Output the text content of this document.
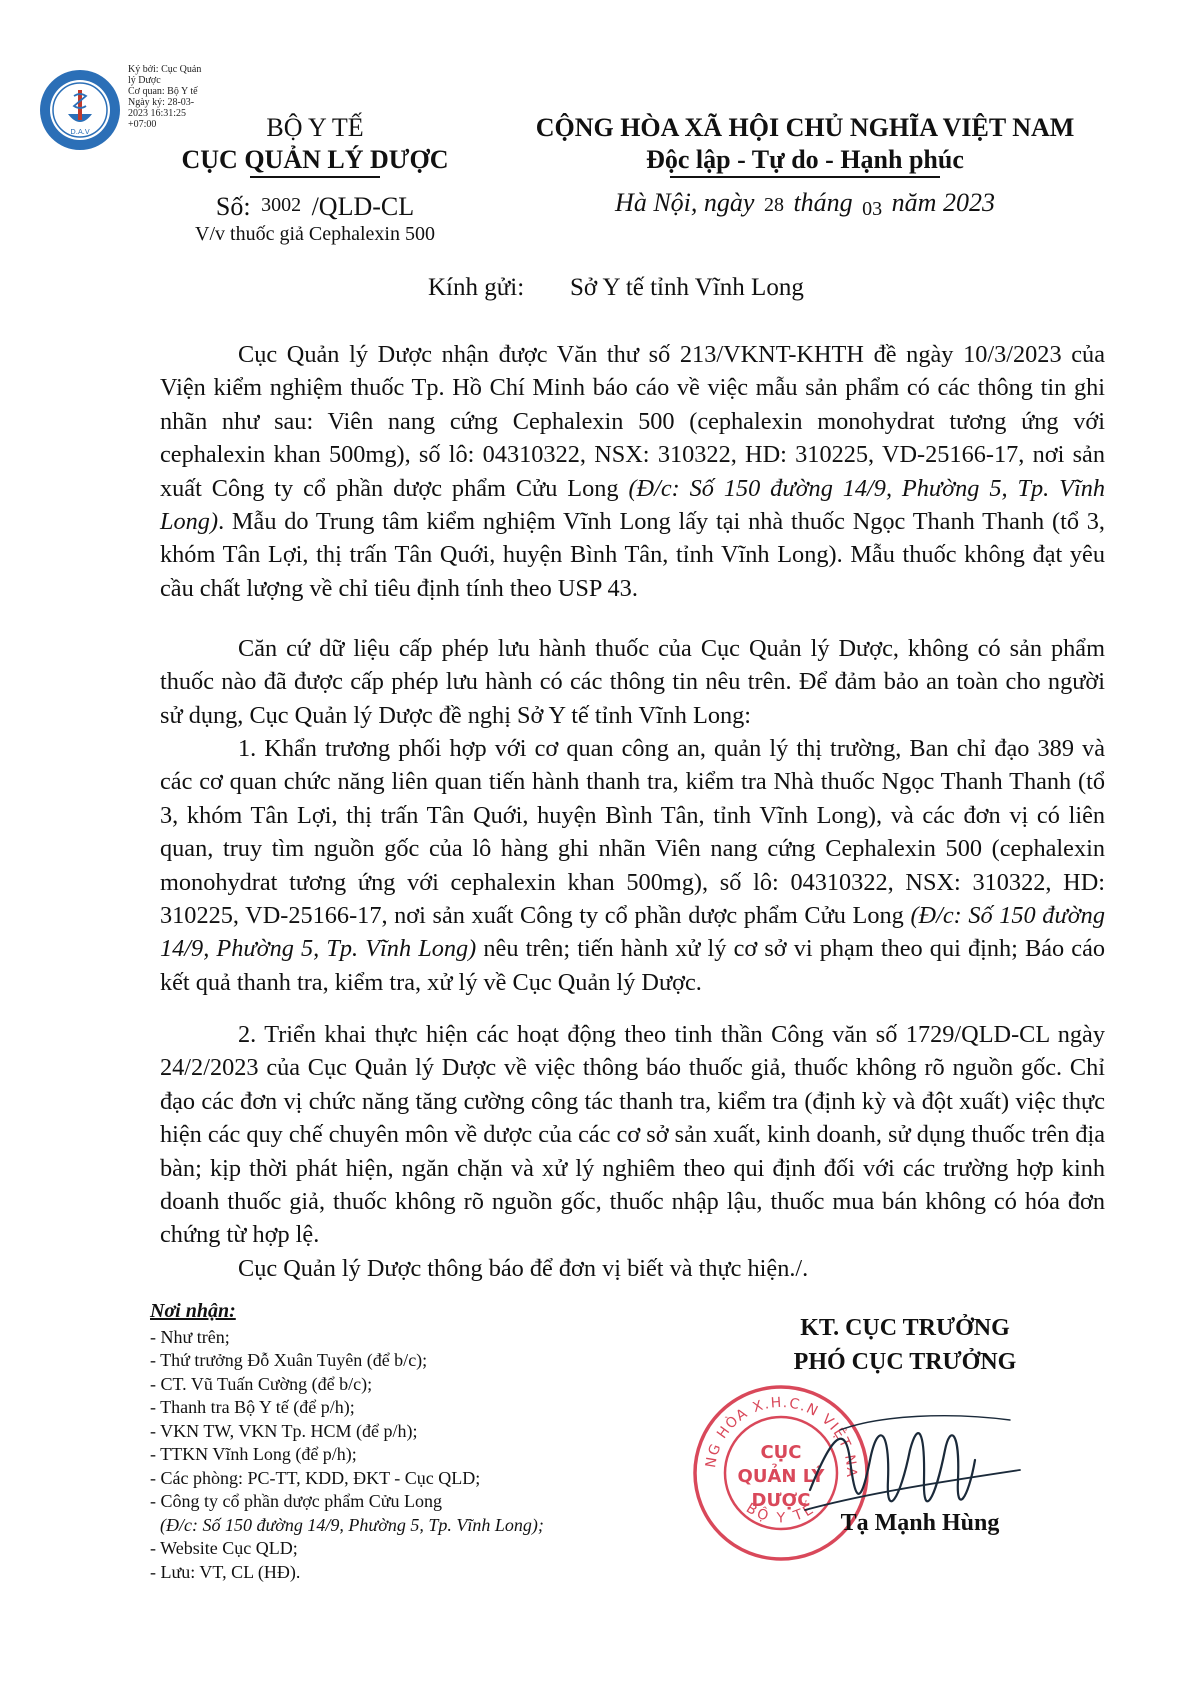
D.A.V
Ký bởi: Cục Quản
lý Dược
Cơ quan: Bộ Y tế
Ngày ký: 28-03-
2023 16:31:25
+07:00	BỘ Y TẾ
CỤC QUẢN LÝ DƯỢC
Số: 3002 /QLD-CL
V/v thuốc giả Cephalexin 500
CỘNG HÒA XÃ HỘI CHỦ NGHĨA VIỆT NAM
Độc lập - Tự do - Hạnh phúc
Hà Nội, ngày 28 tháng 03 năm 2023
Kính gửi: Sở Y tế tỉnh Vĩnh Long
Cục Quản lý Dược nhận được Văn thư số 213/VKNT-KHTH đề ngày 10/3/2023 của Viện kiểm nghiệm thuốc Tp. Hồ Chí Minh báo cáo về việc mẫu sản phẩm có các thông tin ghi nhãn như sau: Viên nang cứng Cephalexin 500 (cephalexin monohydrat tương ứng với cephalexin khan 500mg), số lô: 04310322, NSX: 310322, HD: 310225, VD-25166-17, nơi sản xuất Công ty cổ phần dược phẩm Cửu Long (Đ/c: Số 150 đường 14/9, Phường 5, Tp. Vĩnh Long). Mẫu do Trung tâm kiểm nghiệm Vĩnh Long lấy tại nhà thuốc Ngọc Thanh Thanh (tổ 3, khóm Tân Lợi, thị trấn Tân Quới, huyện Bình Tân, tỉnh Vĩnh Long). Mẫu thuốc không đạt yêu cầu chất lượng về chỉ tiêu định tính theo USP 43.
Căn cứ dữ liệu cấp phép lưu hành thuốc của Cục Quản lý Dược, không có sản phẩm thuốc nào đã được cấp phép lưu hành có các thông tin nêu trên. Để đảm bảo an toàn cho người sử dụng, Cục Quản lý Dược đề nghị Sở Y tế tỉnh Vĩnh Long:
1. Khẩn trương phối hợp với cơ quan công an, quản lý thị trường, Ban chỉ đạo 389 và các cơ quan chức năng liên quan tiến hành thanh tra, kiểm tra Nhà thuốc Ngọc Thanh Thanh (tổ 3, khóm Tân Lợi, thị trấn Tân Quới, huyện Bình Tân, tỉnh Vĩnh Long), và các đơn vị có liên quan, truy tìm nguồn gốc của lô hàng ghi nhãn Viên nang cứng Cephalexin 500 (cephalexin monohydrat tương ứng với cephalexin khan 500mg), số lô: 04310322, NSX: 310322, HD: 310225, VD-25166-17, nơi sản xuất Công ty cổ phần dược phẩm Cửu Long (Đ/c: Số 150 đường 14/9, Phường 5, Tp. Vĩnh Long) nêu trên; tiến hành xử lý cơ sở vi phạm theo qui định; Báo cáo kết quả thanh tra, kiểm tra, xử lý về Cục Quản lý Dược.
2. Triển khai thực hiện các hoạt động theo tinh thần Công văn số 1729/QLD-CL ngày 24/2/2023 của Cục Quản lý Dược về việc thông báo thuốc giả, thuốc không rõ nguồn gốc. Chỉ đạo các đơn vị chức năng tăng cường công tác thanh tra, kiểm tra (định kỳ và đột xuất) việc thực hiện các quy chế chuyên môn về dược của các cơ sở sản xuất, kinh doanh, sử dụng thuốc trên địa bàn; kịp thời phát hiện, ngăn chặn và xử lý nghiêm theo qui định đối với các trường hợp kinh doanh thuốc giả, thuốc không rõ nguồn gốc, thuốc nhập lậu, thuốc mua bán không có hóa đơn chứng từ hợp lệ.
Cục Quản lý Dược thông báo để đơn vị biết và thực hiện./.
Nơi nhận:
- Như trên;
- Thứ trưởng Đỗ Xuân Tuyên (để b/c);
- CT. Vũ Tuấn Cường (để b/c);
- Thanh tra Bộ Y tế (để p/h);
- VKN TW, VKN Tp. HCM (để p/h);
- TTKN Vĩnh Long (để p/h);
- Các phòng: PC-TT, KDD, ĐKT - Cục QLD;
- Công ty cổ phần dược phẩm Cửu Long
(Đ/c: Số 150 đường 14/9, Phường 5, Tp. Vĩnh Long);
- Website Cục QLD;
- Lưu: VT, CL (HĐ).
KT. CỤC TRƯỞNG
PHÓ CỤC TRƯỞNG
NG HÒA X.H.C.N VIỆT NA
BỘ Y TẾ
CỤC
QUẢN LÝ
DƯỢC
Tạ Mạnh Hùng
